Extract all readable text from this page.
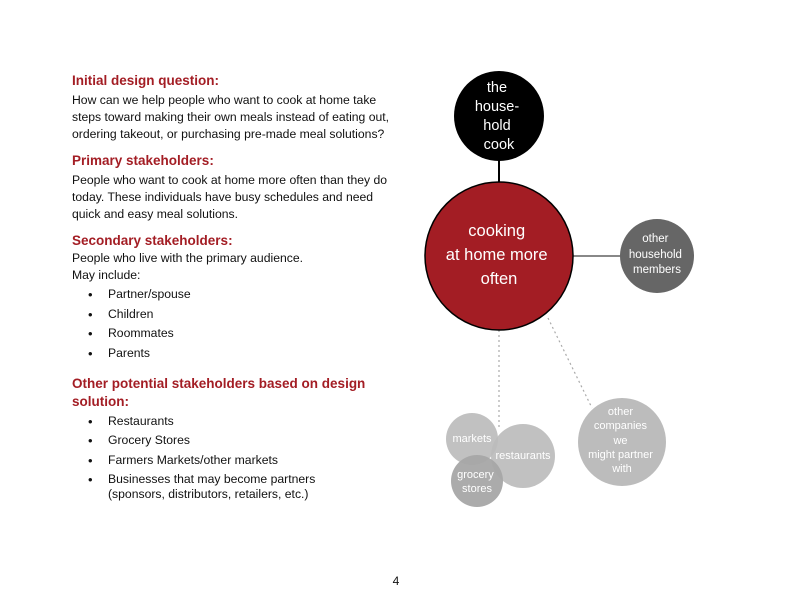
Initial design question:

How can we help people who want to cook at home take steps toward making their own meals instead of eating out, ordering takeout, or purchasing pre-made meal solutions?

Primary stakeholders:

People who want to cook at home more often than they do today. These individuals have busy schedules and need quick and easy meal solutions.

Secondary stakeholders:

People who live with the primary audience.

May include:

• Partner/spouse
• Children
• Roommates
• Parents

Other potential stakeholders based on design solution:

• Restaurants
• Grocery Stores
• Farmers Markets/other markets
• Businesses that may become partners (sponsors, distributors, retailers, etc.)
the house- hold cook
cooking at home more often
other household members
restaurants
markets
grocery stores
other companies we might partner with
4
